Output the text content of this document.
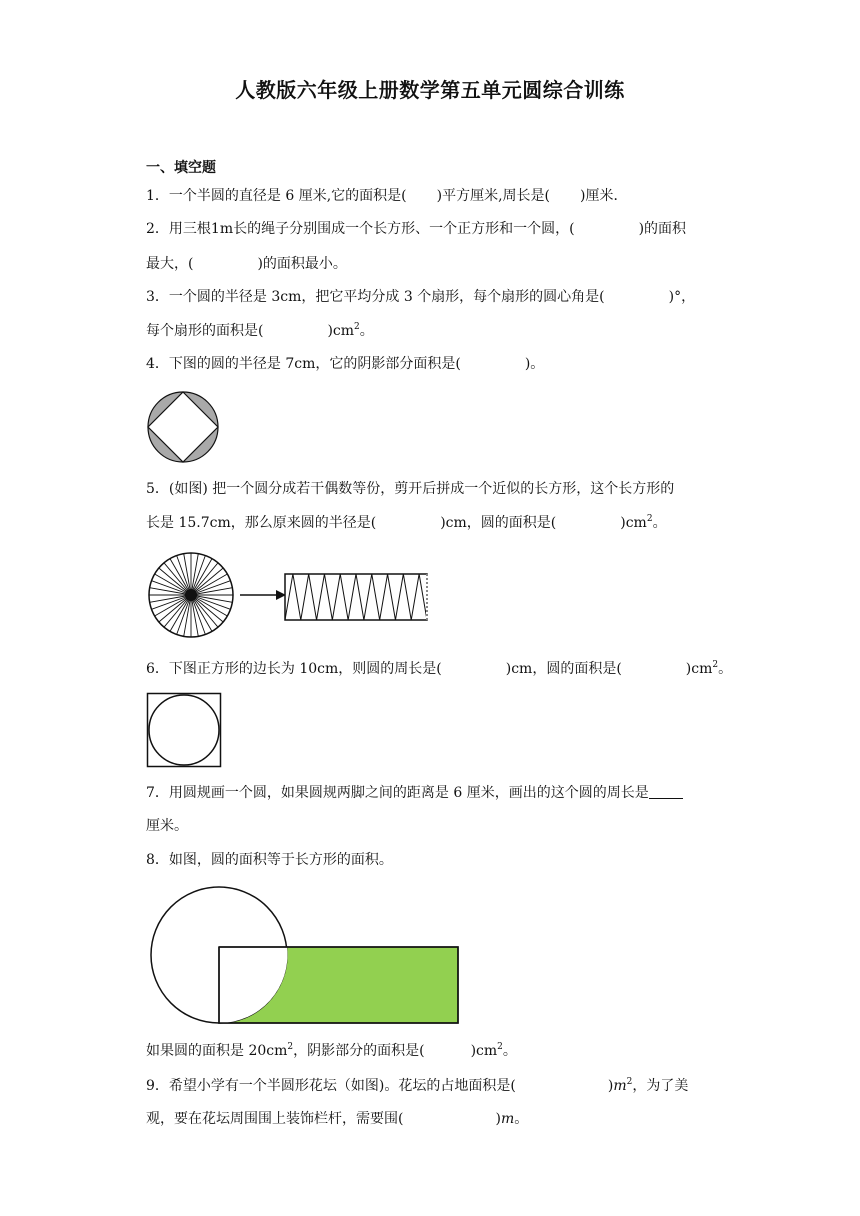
人教版六年级上册数学第五单元圆综合训练
一、填空题
1．一个半圆的直径是 6 厘米,它的面积是( )平方厘米,周长是( )厘米．
2．用三根1m长的绳子分别围成一个长方形、一个正方形和一个圆，(	)的面积
最大，(	)的面积最小。
3．一个圆的半径是 3cm，把它平均分成 3 个扇形，每个扇形的圆心角是(	)°，
每个扇形的面积是(	)$cm^2$。
4．下图的圆的半径是 7cm，它的阴影部分面积是(	)。
5．(如图) 把一个圆分成若干偶数等份，剪开后拼成一个近似的长方形，这个长方形的
长是 15.7cm，那么原来圆的半径是(	)cm，圆的面积是(	)$cm^2$。
6．下图正方形的边长为 10cm，则圆的周长是(	)cm，圆的面积是(	)$cm^2$。
7．用圆规画一个圆，如果圆规两脚之间的距离是 6 厘米，画出的这个圆的周长是
厘米。
8．如图，圆的面积等于长方形的面积。
如果圆的面积是 $20cm^2$，阴影部分的面积是(	)$cm^2$。
9．希望小学有一个半圆形花坛（如图)。花坛的占地面积是(	)$m^2$，为了美
观，要在花坛周围围上装饰栏杆，需要围(	)m。
